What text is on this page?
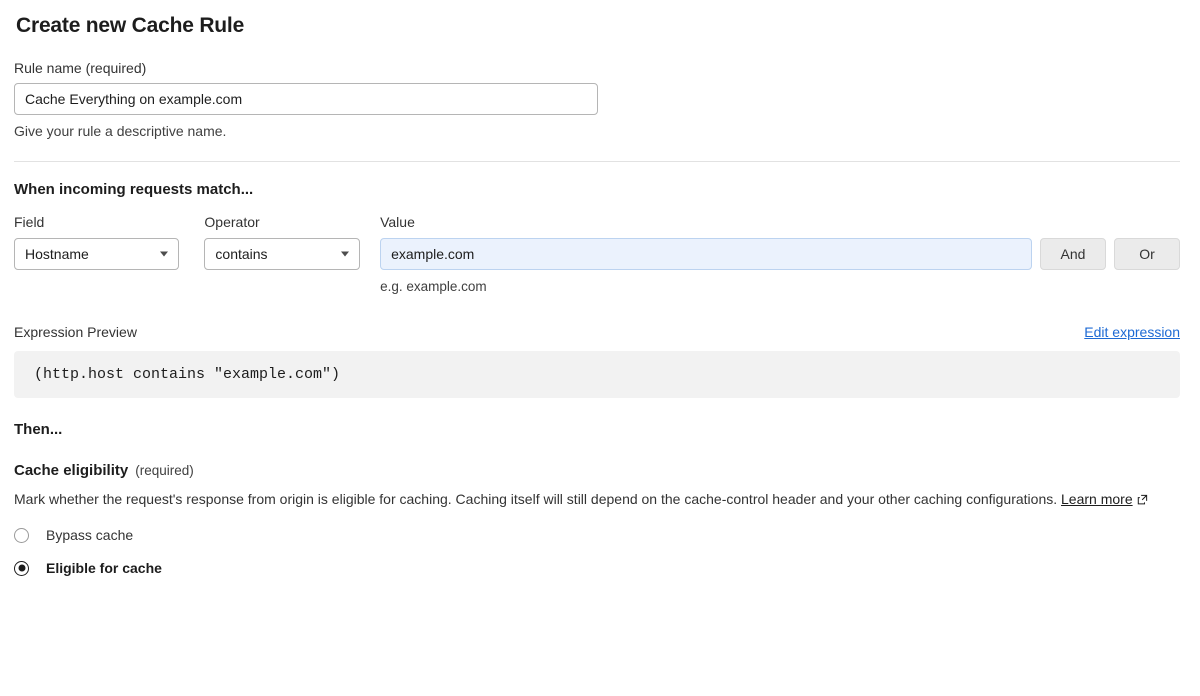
Create new Cache Rule
Rule name (required)
Cache Everything on example.com
Give your rule a descriptive name.
When incoming requests match...
Field
Hostname
Operator
contains
Value
example.com
e.g. example.com
And	Or
Expression Preview	Edit expression
(http.host contains "example.com")
Then...
Cache eligibility (required)
Mark whether the request's response from origin is eligible for caching. Caching itself will still depend on the cache-control header and your other caching configurations. Learn more
Bypass cache
Eligible for cache
